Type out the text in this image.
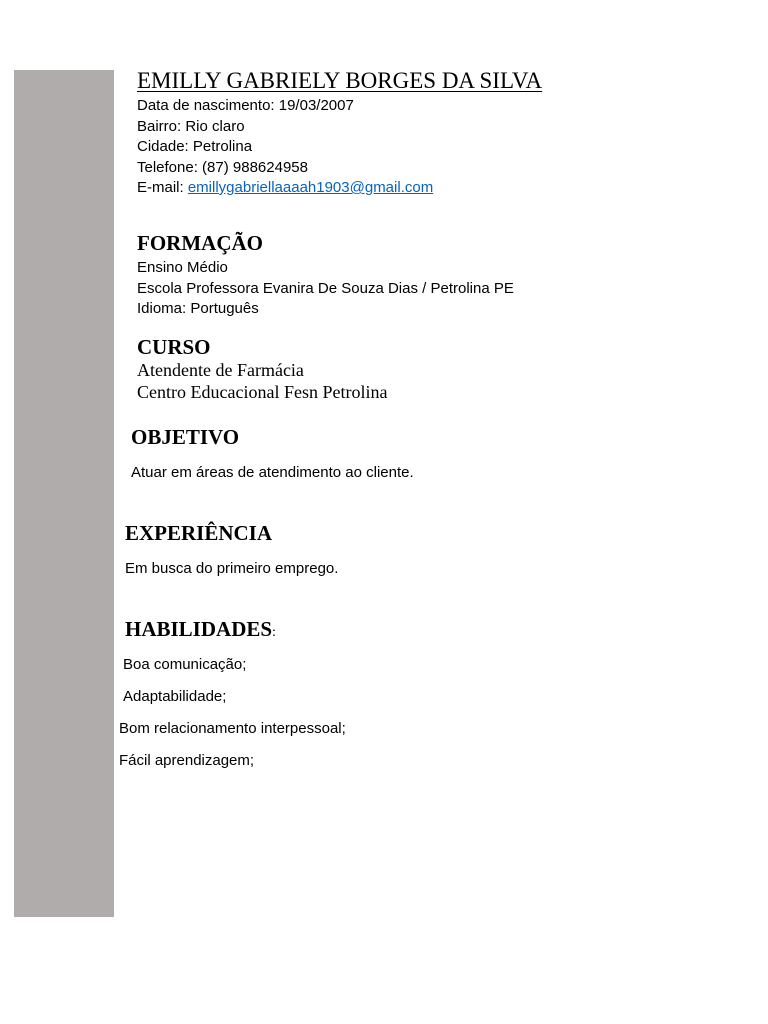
EMILLY GABRIELY BORGES DA SILVA
Data de nascimento: 19/03/2007
Bairro: Rio claro
Cidade: Petrolina
Telefone: (87) 988624958
E-mail: emillygabriellaaaah1903@gmail.com
FORMAÇÃO
Ensino Médio
Escola Professora Evanira De Souza Dias / Petrolina PE
Idioma: Português
CURSO
Atendente de Farmácia
Centro Educacional Fesn Petrolina
OBJETIVO
Atuar em áreas de atendimento ao cliente.
EXPERIÊNCIA
Em busca do primeiro emprego.
HABILIDADES:
Boa comunicação;
Adaptabilidade;
Bom relacionamento interpessoal;
Fácil aprendizagem;
